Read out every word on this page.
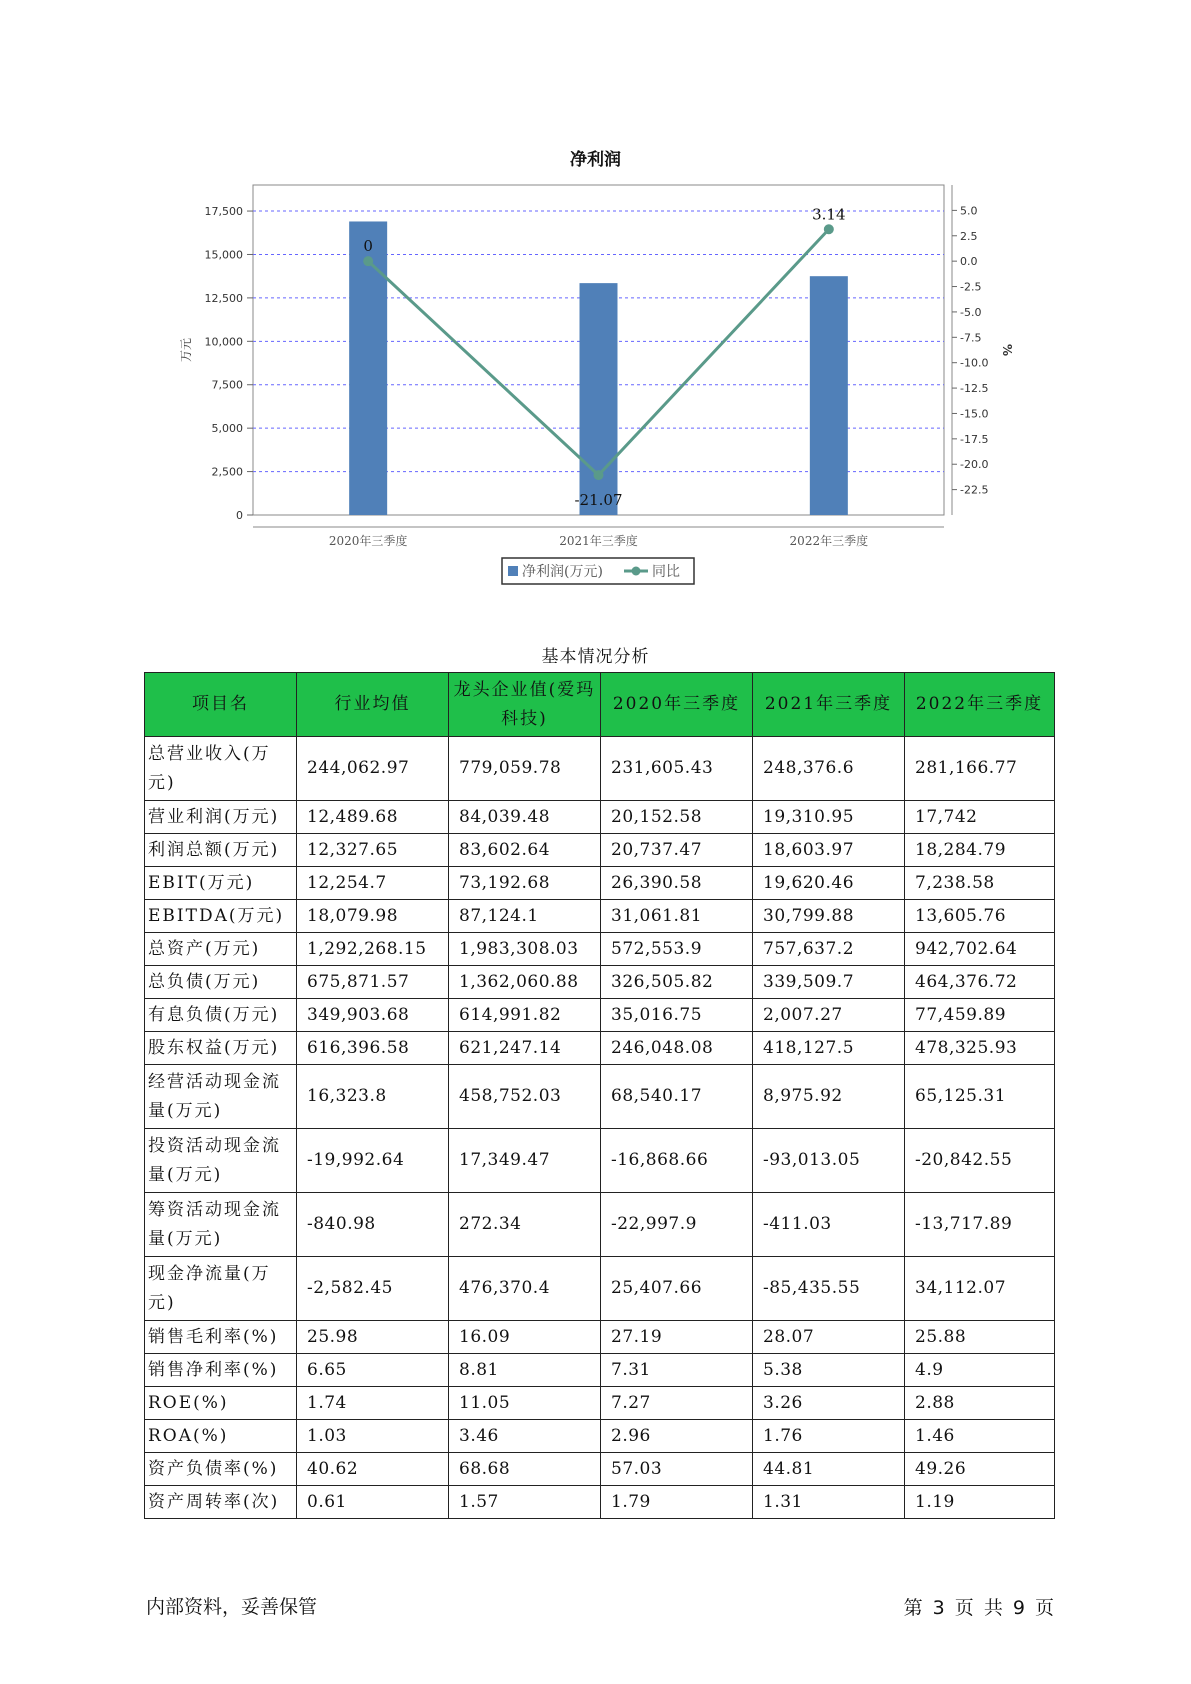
净利润
0
2,500
5,000
7,500
10,000
12,500
15,000
17,500	5.0
2.5
0.0
-2.5
-5.0
-7.5
-10.0
-12.5
-15.0
-17.5
-20.0
-22.5
2020年三季度	2021年三季度	2022年三季度
万元	%
0
-21.07
3.14
净利润(万元)	同比
基本情况分析
项目名	行业均值	龙头企业值(爱玛科技)	2020年三季度	2021年三季度	2022年三季度
总营业收入(万元)	244,062.97	779,059.78	231,605.43	248,376.6	281,166.77
营业利润(万元)	12,489.68	84,039.48	20,152.58	19,310.95	17,742
利润总额(万元)	12,327.65	83,602.64	20,737.47	18,603.97	18,284.79
EBIT(万元)	12,254.7	73,192.68	26,390.58	19,620.46	7,238.58
EBITDA(万元)	18,079.98	87,124.1	31,061.81	30,799.88	13,605.76
总资产(万元)	1,292,268.15	1,983,308.03	572,553.9	757,637.2	942,702.64
总负债(万元)	675,871.57	1,362,060.88	326,505.82	339,509.7	464,376.72
有息负债(万元)	349,903.68	614,991.82	35,016.75	2,007.27	77,459.89
股东权益(万元)	616,396.58	621,247.14	246,048.08	418,127.5	478,325.93
经营活动现金流量(万元)	16,323.8	458,752.03	68,540.17	8,975.92	65,125.31
投资活动现金流量(万元)	-19,992.64	17,349.47	-16,868.66	-93,013.05	-20,842.55
筹资活动现金流量(万元)	-840.98	272.34	-22,997.9	-411.03	-13,717.89
现金净流量(万元)	-2,582.45	476,370.4	25,407.66	-85,435.55	34,112.07
销售毛利率(%)	25.98	16.09	27.19	28.07	25.88
销售净利率(%)	6.65	8.81	7.31	5.38	4.9
ROE(%)	1.74	11.05	7.27	3.26	2.88
ROA(%)	1.03	3.46	2.96	1.76	1.46
资产负债率(%)	40.62	68.68	57.03	44.81	49.26
资产周转率(次)	0.61	1.57	1.79	1.31	1.19
内部资料，妥善保管	第 3 页 共 9 页
